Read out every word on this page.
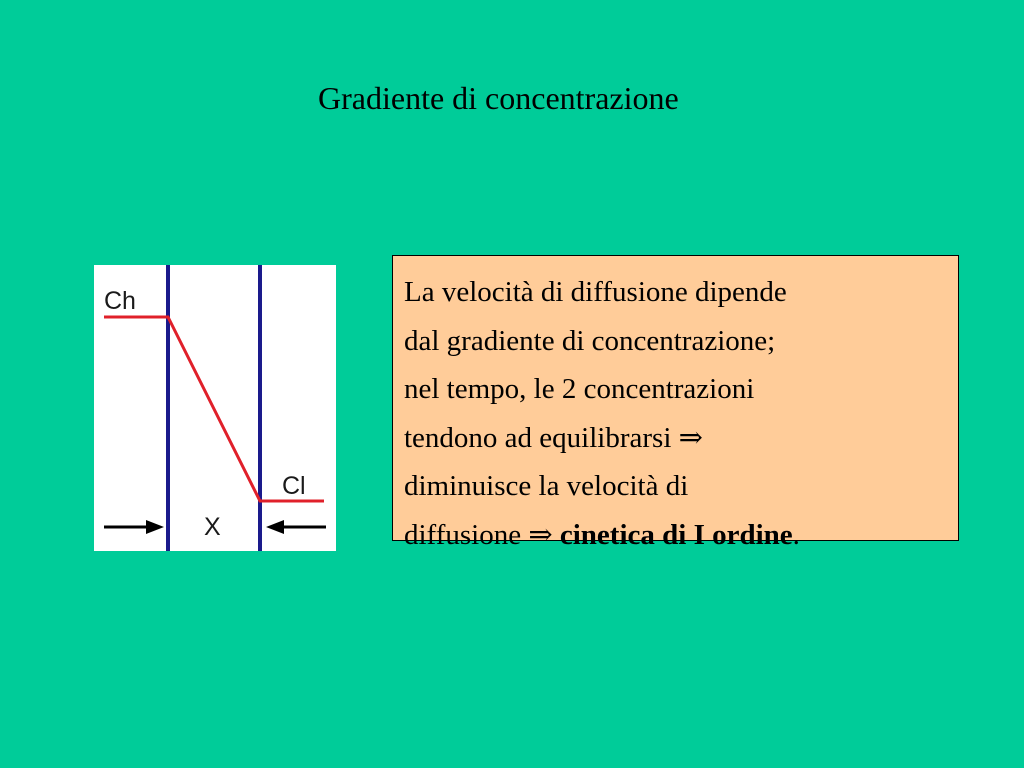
Gradiente di concentrazione
Ch
Cl
X
La velocità di diffusione dipende
dal gradiente di concentrazione;
nel tempo, le 2 concentrazioni
tendono ad equilibrarsi ⇒
diminuisce la velocità di
diffusione ⇒ cinetica di I ordine.
